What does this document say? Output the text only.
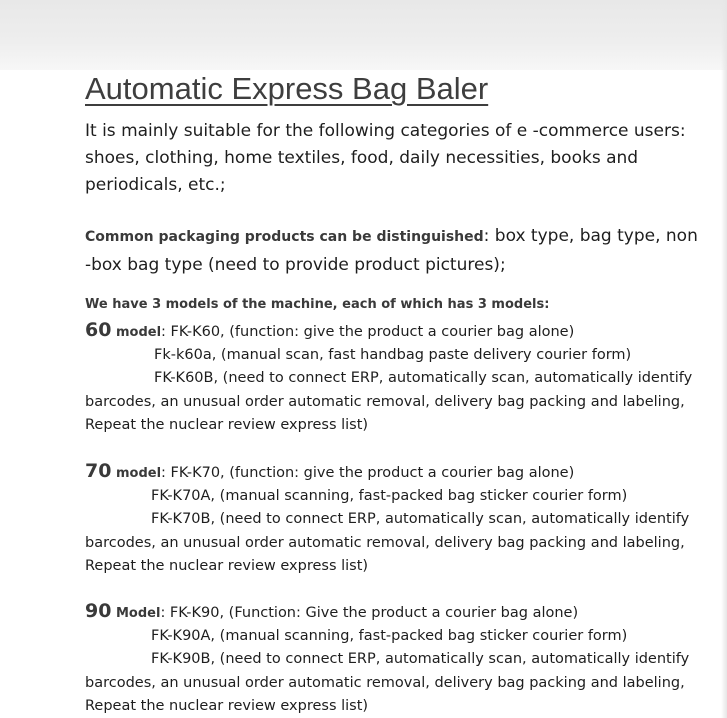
Automatic Express Bag Baler
It is mainly suitable for the following categories of e -commerce users: shoes, clothing, home textiles, food, daily necessities, books and periodicals, etc.;
Common packaging products can be distinguished: box type, bag type, non -box bag type (need to provide product pictures);
We have 3 models of the machine, each of which has 3 models:
60 model: FK-K60, (function: give the product a courier bag alone)
Fk-k60a, (manual scan, fast handbag paste delivery courier form)
FK-K60B, (need to connect ERP, automatically scan, automatically identify barcodes, an unusual order automatic removal, delivery bag packing and labeling, Repeat the nuclear review express list)
70 model: FK-K70, (function: give the product a courier bag alone)
FK-K70A, (manual scanning, fast-packed bag sticker courier form)
FK-K70B, (need to connect ERP, automatically scan, automatically identify barcodes, an unusual order automatic removal, delivery bag packing and labeling, Repeat the nuclear review express list)
90 Model: FK-K90, (Function: Give the product a courier bag alone)
FK-K90A, (manual scanning, fast-packed bag sticker courier form)
FK-K90B, (need to connect ERP, automatically scan, automatically identify barcodes, an unusual order automatic removal, delivery bag packing and labeling, Repeat the nuclear review express list)
